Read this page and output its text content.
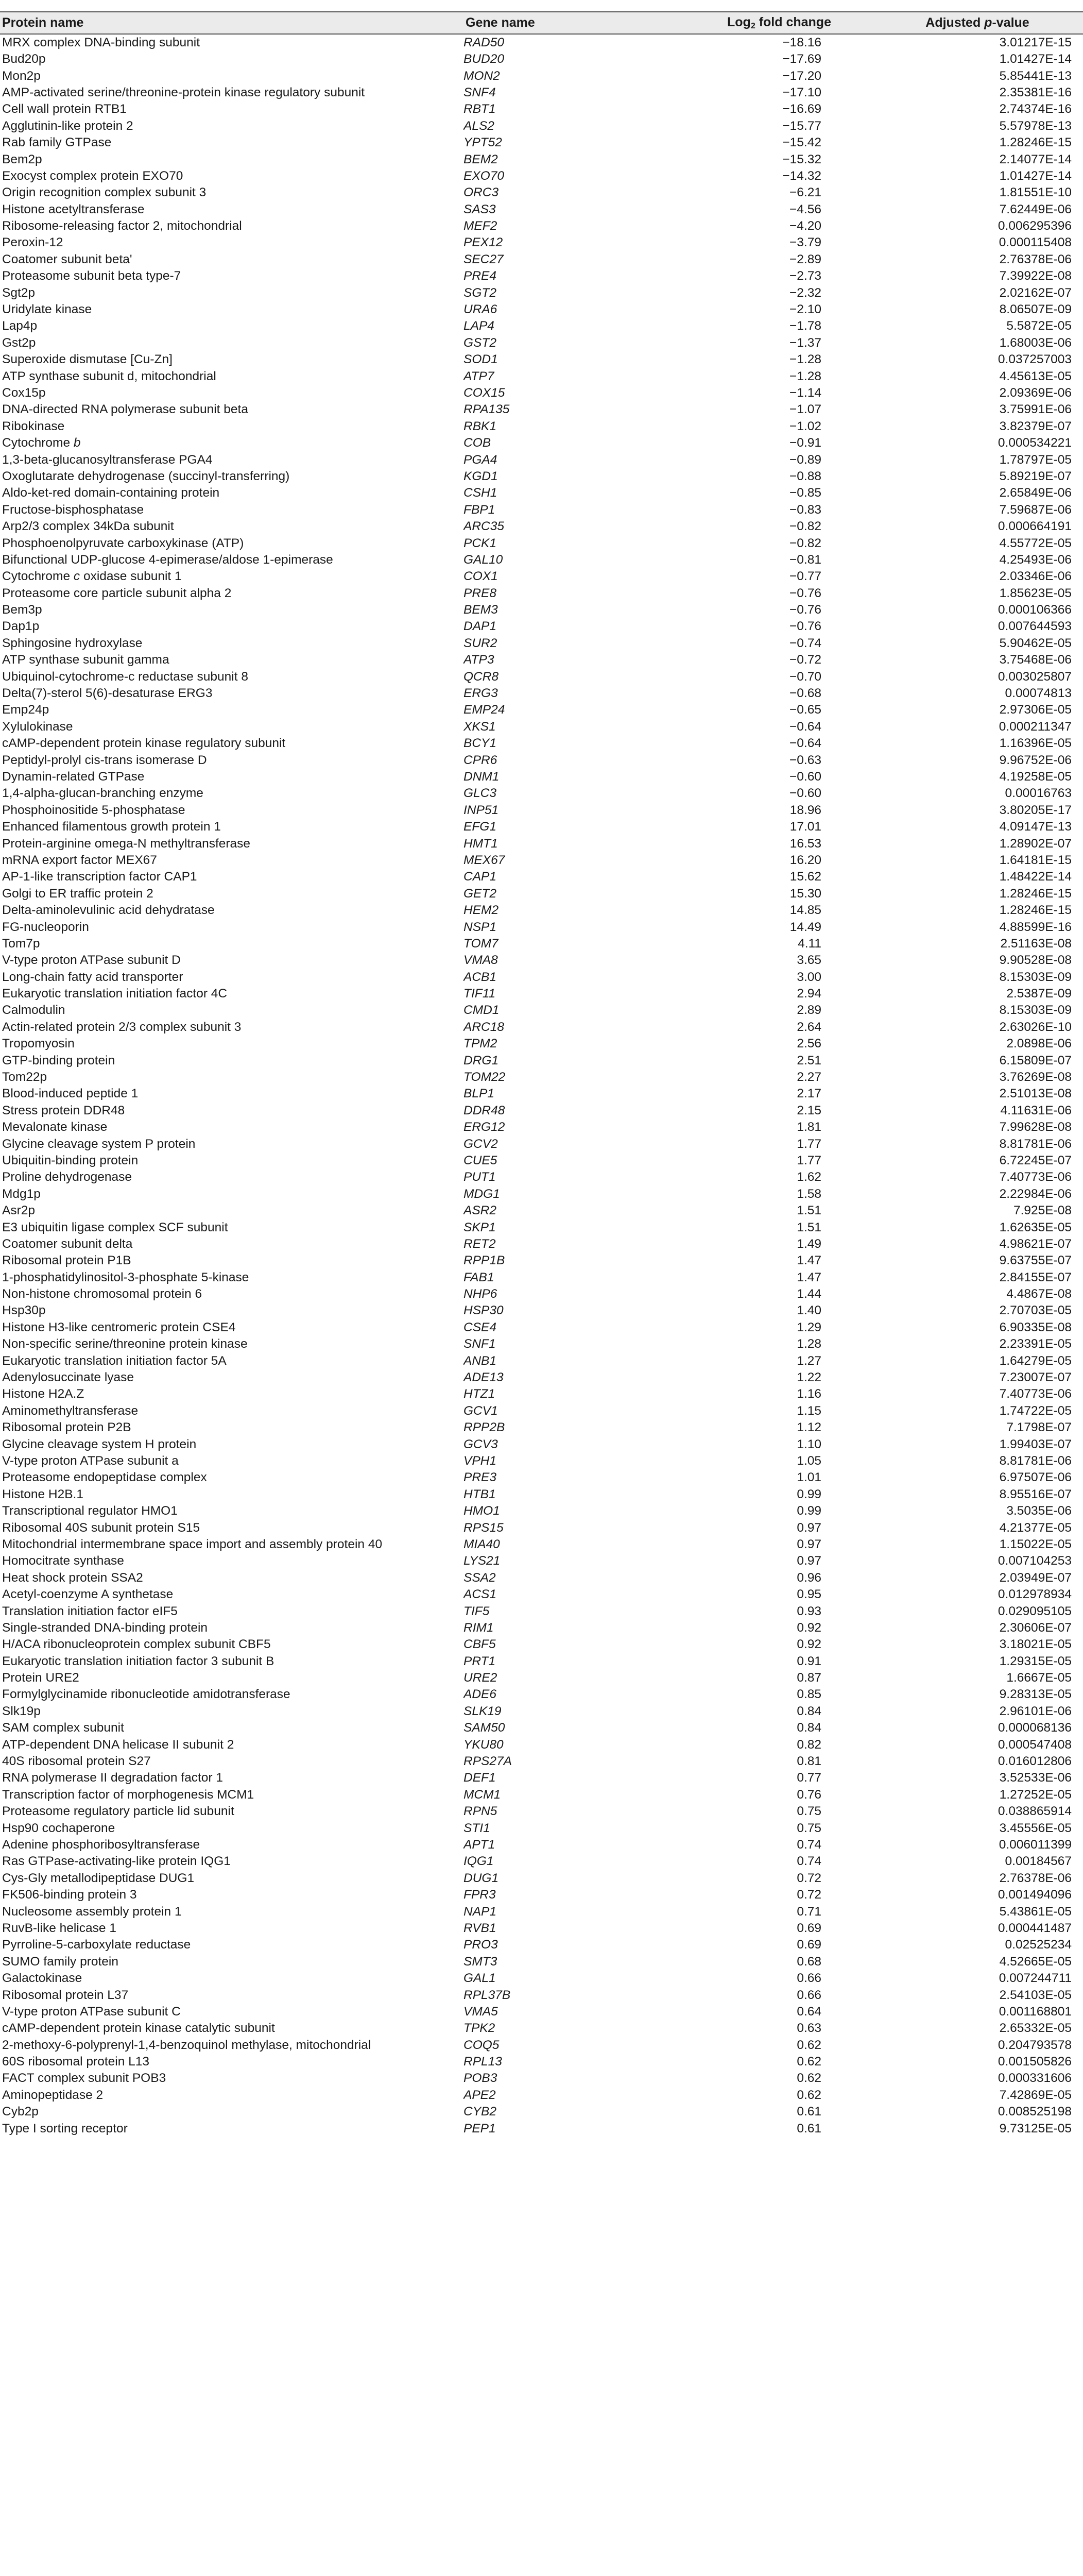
Protein name	Gene name	Log$_2$ fold change	Adjusted p-value
MRX complex DNA-binding subunit	RAD50	−18.16	3.01217E-15
Bud20p	BUD20	−17.69	1.01427E-14
Mon2p	MON2	−17.20	5.85441E-13
AMP-activated serine/threonine-protein kinase regulatory subunit	SNF4	−17.10	2.35381E-16
Cell wall protein RTB1	RBT1	−16.69	2.74374E-16
Agglutinin-like protein 2	ALS2	−15.77	5.57978E-13
Rab family GTPase	YPT52	−15.42	1.28246E-15
Bem2p	BEM2	−15.32	2.14077E-14
Exocyst complex protein EXO70	EXO70	−14.32	1.01427E-14
Origin recognition complex subunit 3	ORC3	−6.21	1.81551E-10
Histone acetyltransferase	SAS3	−4.56	7.62449E-06
Ribosome-releasing factor 2, mitochondrial	MEF2	−4.20	0.006295396
Peroxin-12	PEX12	−3.79	0.000115408
Coatomer subunit beta'	SEC27	−2.89	2.76378E-06
Proteasome subunit beta type-7	PRE4	−2.73	7.39922E-08
Sgt2p	SGT2	−2.32	2.02162E-07
Uridylate kinase	URA6	−2.10	8.06507E-09
Lap4p	LAP4	−1.78	5.5872E-05
Gst2p	GST2	−1.37	1.68003E-06
Superoxide dismutase [Cu-Zn]	SOD1	−1.28	0.037257003
ATP synthase subunit d, mitochondrial	ATP7	−1.28	4.45613E-05
Cox15p	COX15	−1.14	2.09369E-06
DNA-directed RNA polymerase subunit beta	RPA135	−1.07	3.75991E-06
Ribokinase	RBK1	−1.02	3.82379E-07
Cytochrome b	COB	−0.91	0.000534221
1,3-beta-glucanosyltransferase PGA4	PGA4	−0.89	1.78797E-05
Oxoglutarate dehydrogenase (succinyl-transferring)	KGD1	−0.88	5.89219E-07
Aldo-ket-red domain-containing protein	CSH1	−0.85	2.65849E-06
Fructose-bisphosphatase	FBP1	−0.83	7.59687E-06
Arp2/3 complex 34kDa subunit	ARC35	−0.82	0.000664191
Phosphoenolpyruvate carboxykinase (ATP)	PCK1	−0.82	4.55772E-05
Bifunctional UDP-glucose 4-epimerase/aldose 1-epimerase	GAL10	−0.81	4.25493E-06
Cytochrome c oxidase subunit 1	COX1	−0.77	2.03346E-06
Proteasome core particle subunit alpha 2	PRE8	−0.76	1.85623E-05
Bem3p	BEM3	−0.76	0.000106366
Dap1p	DAP1	−0.76	0.007644593
Sphingosine hydroxylase	SUR2	−0.74	5.90462E-05
ATP synthase subunit gamma	ATP3	−0.72	3.75468E-06
Ubiquinol-cytochrome-c reductase subunit 8	QCR8	−0.70	0.003025807
Delta(7)-sterol 5(6)-desaturase ERG3	ERG3	−0.68	0.00074813
Emp24p	EMP24	−0.65	2.97306E-05
Xylulokinase	XKS1	−0.64	0.000211347
cAMP-dependent protein kinase regulatory subunit	BCY1	−0.64	1.16396E-05
Peptidyl-prolyl cis-trans isomerase D	CPR6	−0.63	9.96752E-06
Dynamin-related GTPase	DNM1	−0.60	4.19258E-05
1,4-alpha-glucan-branching enzyme	GLC3	−0.60	0.00016763
Phosphoinositide 5-phosphatase	INP51	18.96	3.80205E-17
Enhanced filamentous growth protein 1	EFG1	17.01	4.09147E-13
Protein-arginine omega-N methyltransferase	HMT1	16.53	1.28902E-07
mRNA export factor MEX67	MEX67	16.20	1.64181E-15
AP-1-like transcription factor CAP1	CAP1	15.62	1.48422E-14
Golgi to ER traffic protein 2	GET2	15.30	1.28246E-15
Delta-aminolevulinic acid dehydratase	HEM2	14.85	1.28246E-15
FG-nucleoporin	NSP1	14.49	4.88599E-16
Tom7p	TOM7	4.11	2.51163E-08
V-type proton ATPase subunit D	VMA8	3.65	9.90528E-08
Long-chain fatty acid transporter	ACB1	3.00	8.15303E-09
Eukaryotic translation initiation factor 4C	TIF11	2.94	2.5387E-09
Calmodulin	CMD1	2.89	8.15303E-09
Actin-related protein 2/3 complex subunit 3	ARC18	2.64	2.63026E-10
Tropomyosin	TPM2	2.56	2.0898E-06
GTP-binding protein	DRG1	2.51	6.15809E-07
Tom22p	TOM22	2.27	3.76269E-08
Blood-induced peptide 1	BLP1	2.17	2.51013E-08
Stress protein DDR48	DDR48	2.15	4.11631E-06
Mevalonate kinase	ERG12	1.81	7.99628E-08
Glycine cleavage system P protein	GCV2	1.77	8.81781E-06
Ubiquitin-binding protein	CUE5	1.77	6.72245E-07
Proline dehydrogenase	PUT1	1.62	7.40773E-06
Mdg1p	MDG1	1.58	2.22984E-06
Asr2p	ASR2	1.51	7.925E-08
E3 ubiquitin ligase complex SCF subunit	SKP1	1.51	1.62635E-05
Coatomer subunit delta	RET2	1.49	4.98621E-07
Ribosomal protein P1B	RPP1B	1.47	9.63755E-07
1-phosphatidylinositol-3-phosphate 5-kinase	FAB1	1.47	2.84155E-07
Non-histone chromosomal protein 6	NHP6	1.44	4.4867E-08
Hsp30p	HSP30	1.40	2.70703E-05
Histone H3-like centromeric protein CSE4	CSE4	1.29	6.90335E-08
Non-specific serine/threonine protein kinase	SNF1	1.28	2.23391E-05
Eukaryotic translation initiation factor 5A	ANB1	1.27	1.64279E-05
Adenylosuccinate lyase	ADE13	1.22	7.23007E-07
Histone H2A.Z	HTZ1	1.16	7.40773E-06
Aminomethyltransferase	GCV1	1.15	1.74722E-05
Ribosomal protein P2B	RPP2B	1.12	7.1798E-07
Glycine cleavage system H protein	GCV3	1.10	1.99403E-07
V-type proton ATPase subunit a	VPH1	1.05	8.81781E-06
Proteasome endopeptidase complex	PRE3	1.01	6.97507E-06
Histone H2B.1	HTB1	0.99	8.95516E-07
Transcriptional regulator HMO1	HMO1	0.99	3.5035E-06
Ribosomal 40S subunit protein S15	RPS15	0.97	4.21377E-05
Mitochondrial intermembrane space import and assembly protein 40	MIA40	0.97	1.15022E-05
Homocitrate synthase	LYS21	0.97	0.007104253
Heat shock protein SSA2	SSA2	0.96	2.03949E-07
Acetyl-coenzyme A synthetase	ACS1	0.95	0.012978934
Translation initiation factor eIF5	TIF5	0.93	0.029095105
Single-stranded DNA-binding protein	RIM1	0.92	2.30606E-07
H/ACA ribonucleoprotein complex subunit CBF5	CBF5	0.92	3.18021E-05
Eukaryotic translation initiation factor 3 subunit B	PRT1	0.91	1.29315E-05
Protein URE2	URE2	0.87	1.6667E-05
Formylglycinamide ribonucleotide amidotransferase	ADE6	0.85	9.28313E-05
Slk19p	SLK19	0.84	2.96101E-06
SAM complex subunit	SAM50	0.84	0.000068136
ATP-dependent DNA helicase II subunit 2	YKU80	0.82	0.000547408
40S ribosomal protein S27	RPS27A	0.81	0.016012806
RNA polymerase II degradation factor 1	DEF1	0.77	3.52533E-06
Transcription factor of morphogenesis MCM1	MCM1	0.76	1.27252E-05
Proteasome regulatory particle lid subunit	RPN5	0.75	0.038865914
Hsp90 cochaperone	STI1	0.75	3.45556E-05
Adenine phosphoribosyltransferase	APT1	0.74	0.006011399
Ras GTPase-activating-like protein IQG1	IQG1	0.74	0.00184567
Cys-Gly metallodipeptidase DUG1	DUG1	0.72	2.76378E-06
FK506-binding protein 3	FPR3	0.72	0.001494096
Nucleosome assembly protein 1	NAP1	0.71	5.43861E-05
RuvB-like helicase 1	RVB1	0.69	0.000441487
Pyrroline-5-carboxylate reductase	PRO3	0.69	0.02525234
SUMO family protein	SMT3	0.68	4.52665E-05
Galactokinase	GAL1	0.66	0.007244711
Ribosomal protein L37	RPL37B	0.66	2.54103E-05
V-type proton ATPase subunit C	VMA5	0.64	0.001168801
cAMP-dependent protein kinase catalytic subunit	TPK2	0.63	2.65332E-05
2-methoxy-6-polyprenyl-1,4-benzoquinol methylase, mitochondrial	COQ5	0.62	0.204793578
60S ribosomal protein L13	RPL13	0.62	0.001505826
FACT complex subunit POB3	POB3	0.62	0.000331606
Aminopeptidase 2	APE2	0.62	7.42869E-05
Cyb2p	CYB2	0.61	0.008525198
Type I sorting receptor	PEP1	0.61	9.73125E-05
